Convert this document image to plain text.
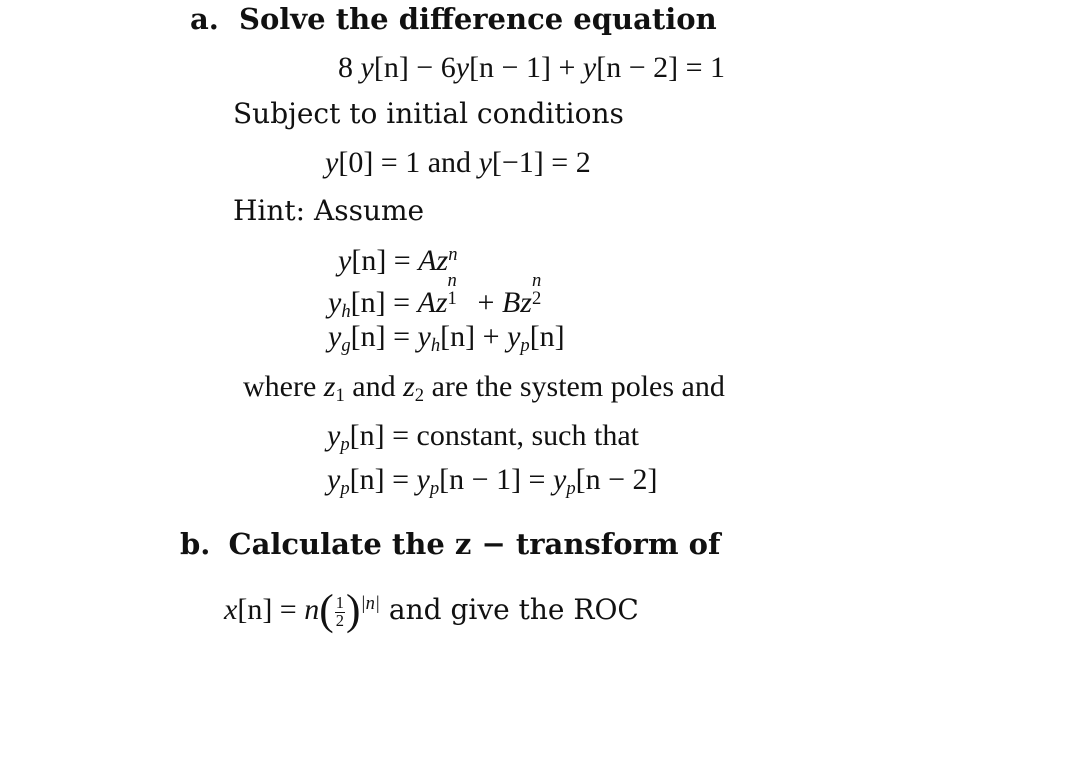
a. Solve the difference equation
8 y[n] − 6y[n − 1] + y[n − 2] = 1
Subject to initial conditions
y[0] = 1 and y[−1] = 2
Hint: Assume
$y[n] = Az^n$
yh[n] = Az
n
1 + Bz
n
2
yg[n] = yh[n] + yp[n]
where z1 and z2 are the system poles and
yp[n] = constant, such that
yp[n] = yp[n − 1] = yp[n − 2]
b. Calculate the z − transform of
$x[n] = n( \frac{1}{2} )^{|n|}$ and give the ROC
